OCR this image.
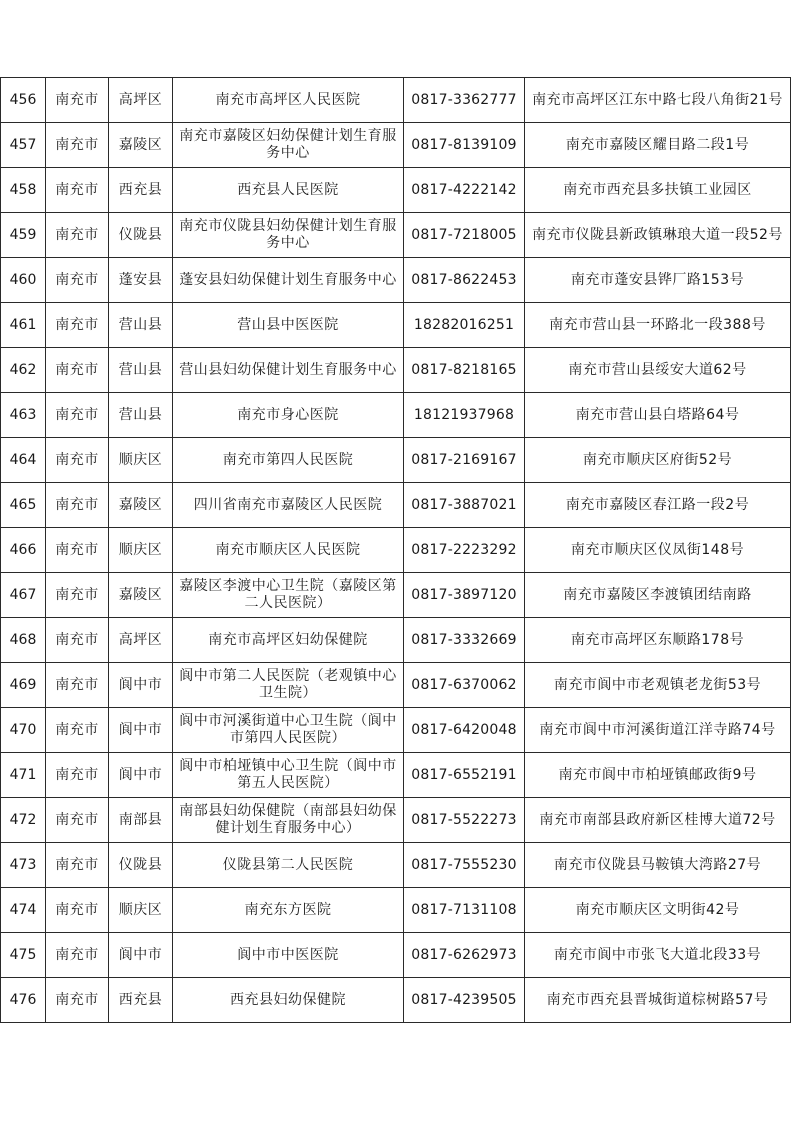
456	南充市	高坪区	南充市高坪区人民医院	0817-3362777	南充市高坪区江东中路七段八角街21号
457	南充市	嘉陵区	南充市嘉陵区妇幼保健计划生育服务中心	0817-8139109	南充市嘉陵区耀目路二段1号
458	南充市	西充县	西充县人民医院	0817-4222142	南充市西充县多扶镇工业园区
459	南充市	仪陇县	南充市仪陇县妇幼保健计划生育服务中心	0817-7218005	南充市仪陇县新政镇琳琅大道一段52号
460	南充市	蓬安县	蓬安县妇幼保健计划生育服务中心	0817-8622453	南充市蓬安县铧厂路153号
461	南充市	营山县	营山县中医医院	18282016251	南充市营山县一环路北一段388号
462	南充市	营山县	营山县妇幼保健计划生育服务中心	0817-8218165	南充市营山县绥安大道62号
463	南充市	营山县	南充市身心医院	18121937968	南充市营山县白塔路64号
464	南充市	顺庆区	南充市第四人民医院	0817-2169167	南充市顺庆区府街52号
465	南充市	嘉陵区	四川省南充市嘉陵区人民医院	0817-3887021	南充市嘉陵区春江路一段2号
466	南充市	顺庆区	南充市顺庆区人民医院	0817-2223292	南充市顺庆区仪凤街148号
467	南充市	嘉陵区	嘉陵区李渡中心卫生院（嘉陵区第二人民医院）	0817-3897120	南充市嘉陵区李渡镇团结南路
468	南充市	高坪区	南充市高坪区妇幼保健院	0817-3332669	南充市高坪区东顺路178号
469	南充市	阆中市	阆中市第二人民医院（老观镇中心卫生院）	0817-6370062	南充市阆中市老观镇老龙街53号
470	南充市	阆中市	阆中市河溪街道中心卫生院（阆中市第四人民医院）	0817-6420048	南充市阆中市河溪街道江洋寺路74号
471	南充市	阆中市	阆中市柏垭镇中心卫生院（阆中市第五人民医院）	0817-6552191	南充市阆中市柏垭镇邮政街9号
472	南充市	南部县	南部县妇幼保健院（南部县妇幼保健计划生育服务中心）	0817-5522273	南充市南部县政府新区桂博大道72号
473	南充市	仪陇县	仪陇县第二人民医院	0817-7555230	南充市仪陇县马鞍镇大湾路27号
474	南充市	顺庆区	南充东方医院	0817-7131108	南充市顺庆区文明街42号
475	南充市	阆中市	阆中市中医医院	0817-6262973	南充市阆中市张飞大道北段33号
476	南充市	西充县	西充县妇幼保健院	0817-4239505	南充市西充县晋城街道棕树路57号
